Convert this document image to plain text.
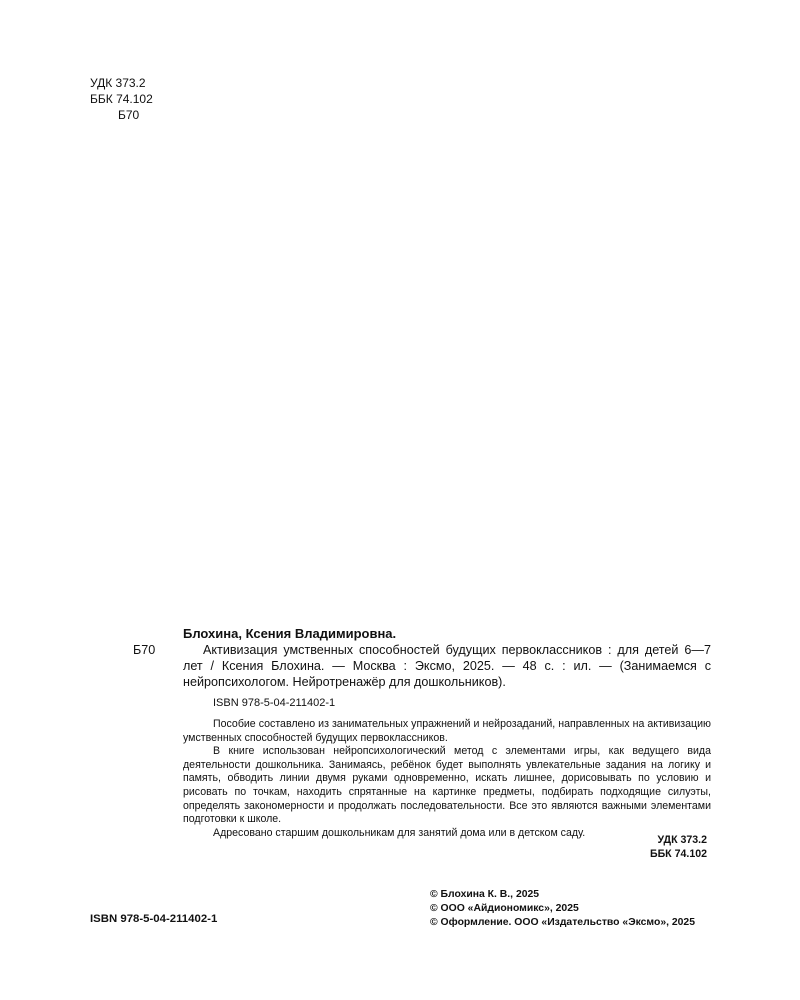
УДК 373.2
ББК 74.102
Б70
Б70
Блохина, Ксения Владимировна.

Активизация умственных способностей будущих первоклассников : для детей 6—7 лет / Ксения Блохина. — Москва : Эксмо, 2025. — 48 с. : ил. — (Занимаемся с нейропсихологом. Нейротренажёр для дошкольников).

ISBN 978-5-04-211402-1

Пособие составлено из занимательных упражнений и нейрозаданий, направленных на активизацию умственных способностей будущих первоклассников.

В книге использован нейропсихологический метод с элементами игры, как ведущего вида деятельности дошкольника. Занимаясь, ребёнок будет выполнять увлекательные задания на логику и память, обводить линии двумя руками одновременно, искать лишнее, дорисовывать по условию и рисовать по точкам, находить спрятанные на картинке предметы, подбирать подходящие силуэты, определять закономерности и продолжать последовательности. Все это являются важными элементами подготовки к школе.

Адресовано старшим дошкольникам для занятий дома или в детском саду.

УДК 373.2
ББК 74.102
© Блохина К. В., 2025
© ООО «Айдиономикс», 2025
© Оформление. ООО «Издательство «Эксмо», 2025
ISBN 978-5-04-211402-1
